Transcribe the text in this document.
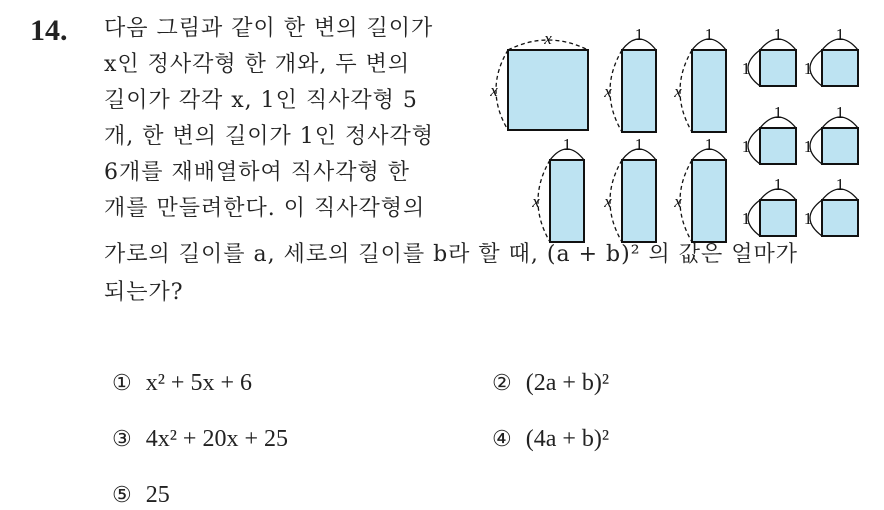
14. 다음 그림과 같이 한 변의 길이가
x인 정사각형 한 개와, 두 변의
길이가 각각 x, 1인 직사각형 5
개, 한 변의 길이가 1인 정사각형
6개를 재배열하여 직사각형 한
개를 만들려한다. 이 직사각형의
가로의 길이를 a, 세로의 길이를 b라 할 때, (a + b)² 의 값은 얼마가
되는가?
x
x
1
x
1
x
1
x
1
x
1
x
1
1
1
1
1
1
1
1
1
1
1
1
① x² + 5x + 6	② (2a + b)²
③ 4x² + 20x + 25	④ (4a + b)²
⑤ 25
